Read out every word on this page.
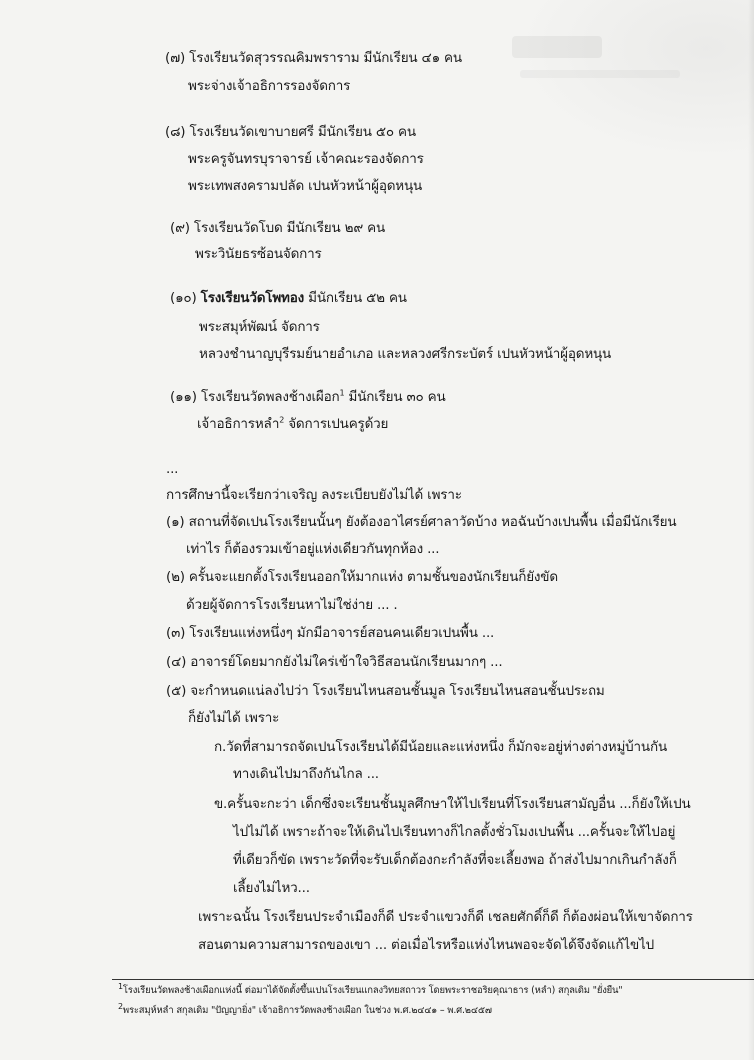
(๗) โรงเรียนวัดสุวรรณคิมพราราม มีนักเรียน ๔๑ คน
พระจ่างเจ้าอธิการรองจัดการ
(๘) โรงเรียนวัดเขาบายศรี มีนักเรียน ๕๐ คน
พระครูจันทรบุราจารย์ เจ้าคณะรองจัดการ
พระเทพสงครามปลัด เปนหัวหน้าผู้อุดหนุน
(๙) โรงเรียนวัดโบด มีนักเรียน ๒๙ คน
พระวินัยธรซ้อนจัดการ
(๑๐) โรงเรียนวัดโพทอง มีนักเรียน ๕๒ คน
พระสมุห์พัฒน์ จัดการ
หลวงชำนาญบุรีรมย์นายอำเภอ และหลวงศรีกระบัตร์ เปนหัวหน้าผู้อุดหนุน
(๑๑) โรงเรียนวัดพลงช้างเผือก$^1$ มีนักเรียน ๓๐ คน
เจ้าอธิการหลำ$^2$ จัดการเปนครูด้วย
...
การศึกษานี้จะเรียกว่าเจริญ ลงระเบียบยังไม่ได้ เพราะ
(๑) สถานที่จัดเปนโรงเรียนนั้นๆ ยังต้องอาไศรย์ศาลาวัดบ้าง หอฉันบ้างเปนพื้น เมื่อมีนักเรียน
เท่าไร ก็ต้องรวมเข้าอยู่แห่งเดียวกันทุกห้อง ...
(๒) ครั้นจะแยกตั้งโรงเรียนออกให้มากแห่ง ตามชั้นของนักเรียนก็ยังขัด
ด้วยผู้จัดการโรงเรียนหาไม่ใช่ง่าย ... .
(๓) โรงเรียนแห่งหนึ่งๆ มักมีอาจารย์สอนคนเดียวเปนพื้น ...
(๔) อาจารย์โดยมากยังไม่ใคร่เข้าใจวิธีสอนนักเรียนมากๆ ...
(๕) จะกำหนดแน่ลงไปว่า โรงเรียนไหนสอนชั้นมูล โรงเรียนไหนสอนชั้นประถม
ก็ยังไม่ได้ เพราะ
ก.วัดที่สามารถจัดเปนโรงเรียนได้มีน้อยและแห่งหนึ่ง ก็มักจะอยู่ห่างต่างหมู่บ้านกัน
ทางเดินไปมาถึงกันไกล ...
ข.ครั้นจะกะว่า เด็กซึ่งจะเรียนชั้นมูลศึกษาให้ไปเรียนที่โรงเรียนสามัญอื่น ...ก็ยังให้เปน
ไปไม่ได้ เพราะถ้าจะให้เดินไปเรียนทางก็ไกลตั้งชั่วโมงเปนพื้น ...ครั้นจะให้ไปอยู่
ที่เดียวก็ขัด เพราะวัดที่จะรับเด็กต้องกะกำลังที่จะเลี้ยงพอ ถ้าส่งไปมากเกินกำลังก็
เลี้ยงไม่ไหว...
เพราะฉนั้น โรงเรียนประจำเมืองก็ดี ประจำแขวงก็ดี เชลยศักดิ์ก็ดี ก็ต้องผ่อนให้เขาจัดการ
สอนตามความสามารถของเขา ... ต่อเมื่อไรหรือแห่งไหนพอจะจัดได้จึงจัดแก้ไขไป
$^1$โรงเรียนวัดพลงช้างเผือกแห่งนี้ ต่อมาได้จัดตั้งขึ้นเปนโรงเรียนแกลงวิทยสถาวร โดยพระราชอริยคุณาธาร (หลำ) สกุลเดิม "ยั่งยืน"
$^2$พระสมุห์หลำ สกุลเดิม "ปัญญายิ่ง" เจ้าอธิการวัดพลงช้างเผือก ในช่วง พ.ศ.๒๔๔๑ – พ.ศ.๒๔๕๗
